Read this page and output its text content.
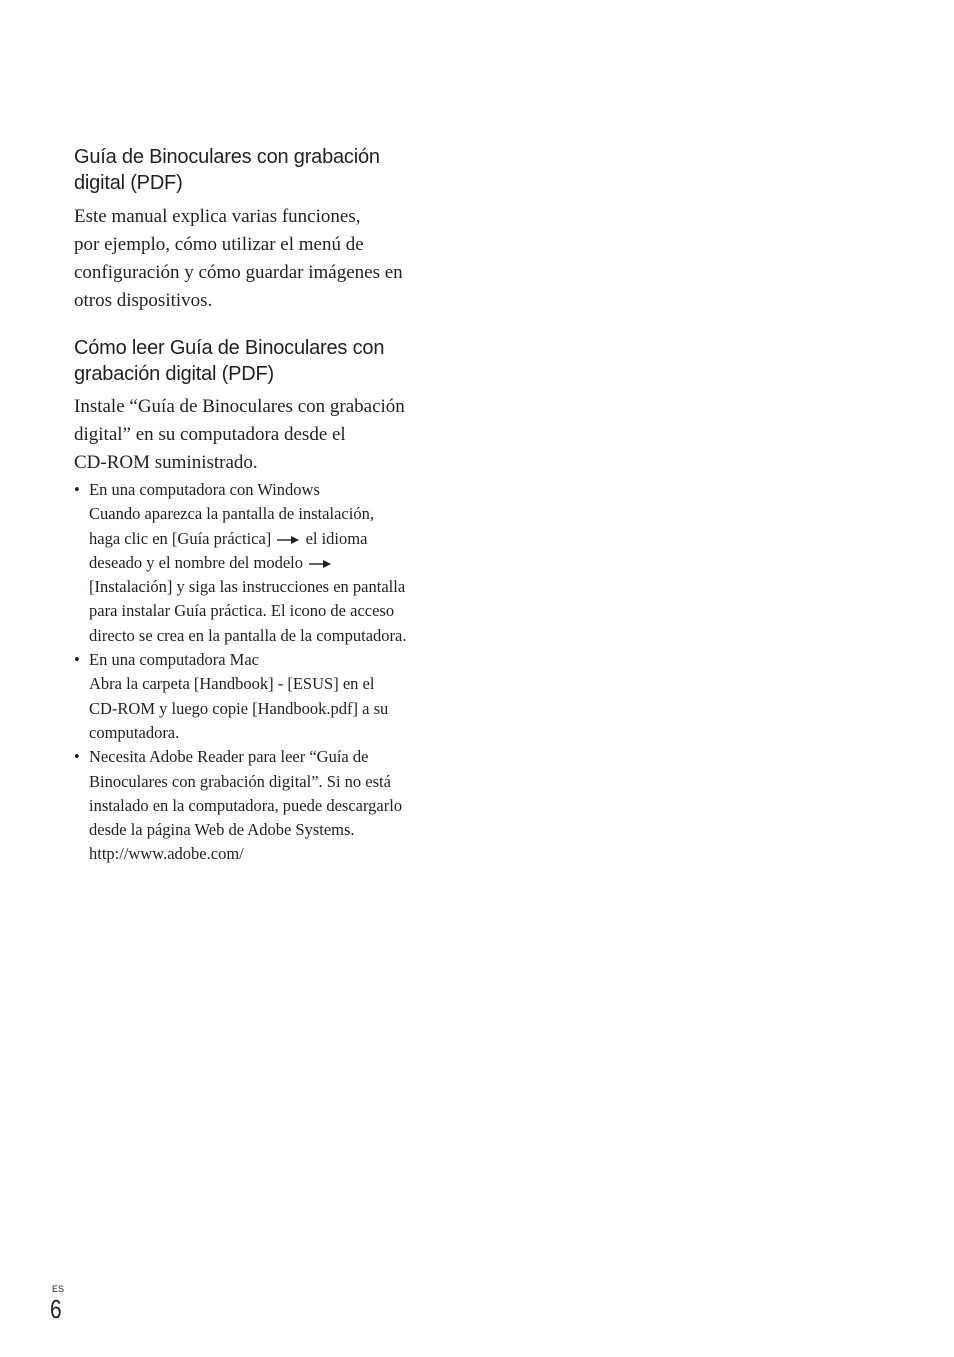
Guía de Binoculares con grabación
digital (PDF)

Este manual explica varias funciones,
por ejemplo, cómo utilizar el menú de
configuración y cómo guardar imágenes en
otros dispositivos.

Cómo leer Guía de Binoculares con
grabación digital (PDF)

Instale “Guía de Binoculares con grabación
digital” en su computadora desde el
CD-ROM suministrado.

• En una computadora con Windows
Cuando aparezca la pantalla de instalación,
haga clic en [Guía práctica] el idioma
deseado y el nombre del modelo
[Instalación] y siga las instrucciones en pantalla
para instalar Guía práctica. El icono de acceso
directo se crea en la pantalla de la computadora.
• En una computadora Mac
Abra la carpeta [Handbook] - [ESUS] en el
CD-ROM y luego copie [Handbook.pdf] a su
computadora.
• Necesita Adobe Reader para leer “Guía de
Binoculares con grabación digital”. Si no está
instalado en la computadora, puede descargarlo
desde la página Web de Adobe Systems.
http://www.adobe.com/
ES
6
